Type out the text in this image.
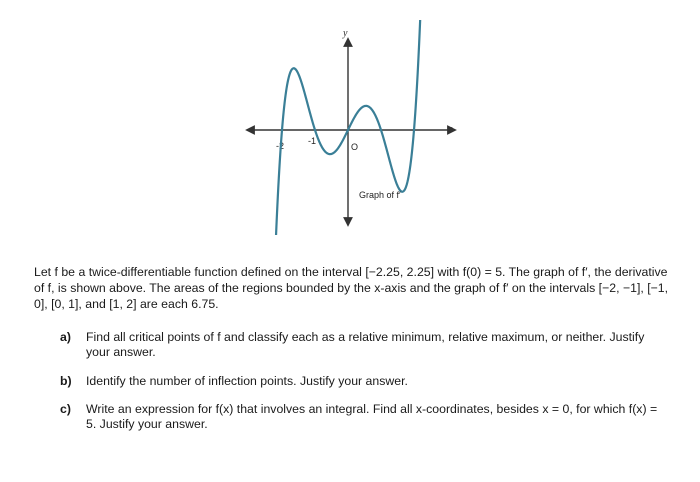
y
x
-2	-1
O
Graph of f′
Let f be a twice-differentiable function defined on the interval [−2.25, 2.25] with f(0) = 5. The graph of f′, the derivative of f, is shown above. The areas of the regions bounded by the x-axis and the graph of f′ on the intervals [−2, −1], [−1, 0], [0, 1], and [1, 2] are each 6.75.
a) Find all critical points of f and classify each as a relative minimum, relative maximum, or neither. Justify your answer.
b) Identify the number of inflection points. Justify your answer.
c) Write an expression for f(x) that involves an integral. Find all x-coordinates, besides x = 0, for which f(x) = 5. Justify your answer.
